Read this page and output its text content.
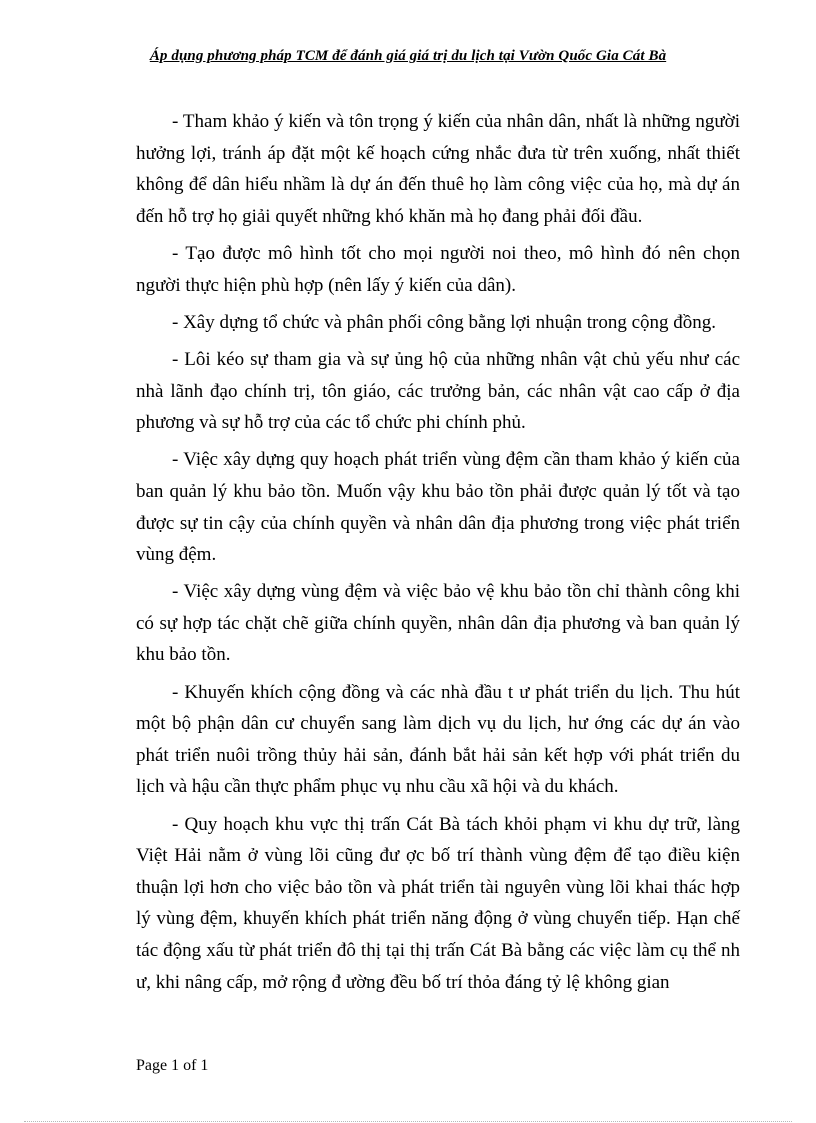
Áp dụng phương pháp TCM để đánh giá giá trị du lịch tại Vườn Quốc Gia Cát Bà

- Tham khảo ý kiến và tôn trọng ý kiến của nhân dân, nhất là những người hưởng lợi, tránh áp đặt một kế hoạch cứng nhắc đưa từ trên xuống, nhất thiết không để dân hiểu nhầm là dự án đến thuê họ làm công việc của họ, mà dự án đến hỗ trợ họ giải quyết những khó khăn mà họ đang phải đối đầu.

- Tạo được mô hình tốt cho mọi người noi theo, mô hình đó nên chọn người thực hiện phù hợp (nên lấy ý kiến của dân).

- Xây dựng tổ chức và phân phối công bằng lợi nhuận trong cộng đồng.

- Lôi kéo sự tham gia và sự ủng hộ của những nhân vật chủ yếu như các nhà lãnh đạo chính trị, tôn giáo, các trưởng bản, các nhân vật cao cấp ở địa phương và sự hỗ trợ của các tổ chức phi chính phủ.

- Việc xây dựng quy hoạch phát triển vùng đệm cần tham khảo ý kiến của ban quản lý khu bảo tồn. Muốn vậy khu bảo tồn phải được quản lý tốt và tạo được sự tin cậy của chính quyền và nhân dân địa phương trong việc phát triển vùng đệm.

- Việc xây dựng vùng đệm và việc bảo vệ khu bảo tồn chỉ thành công khi có sự hợp tác chặt chẽ giữa chính quyền, nhân dân địa phương và ban quản lý khu bảo tồn.

- Khuyến khích cộng đồng và các nhà đầu t ư phát triển du lịch. Thu hút một bộ phận dân cư chuyển sang làm dịch vụ du lịch, hư ớng các dự án vào phát triển nuôi trồng thủy hải sản, đánh bắt hải sản kết hợp với phát triển du lịch và hậu cần thực phẩm phục vụ nhu cầu xã hội và du khách.

- Quy hoạch khu vực thị trấn Cát Bà tách khỏi phạm vi khu dự trữ, làng Việt Hải nằm ở vùng lõi cũng đư ợc bố trí thành vùng đệm để tạo điều kiện thuận lợi hơn cho việc bảo tồn và phát triển tài nguyên vùng lõi khai thác hợp lý vùng đệm, khuyến khích phát triển năng động ở vùng chuyển tiếp. Hạn chế tác động xấu từ phát triển đô thị tại thị trấn Cát Bà bằng các việc làm cụ thể nh ư, khi nâng cấp, mở rộng đ ường đều bố trí thỏa đáng tỷ lệ không gian

Page 1 of 1
